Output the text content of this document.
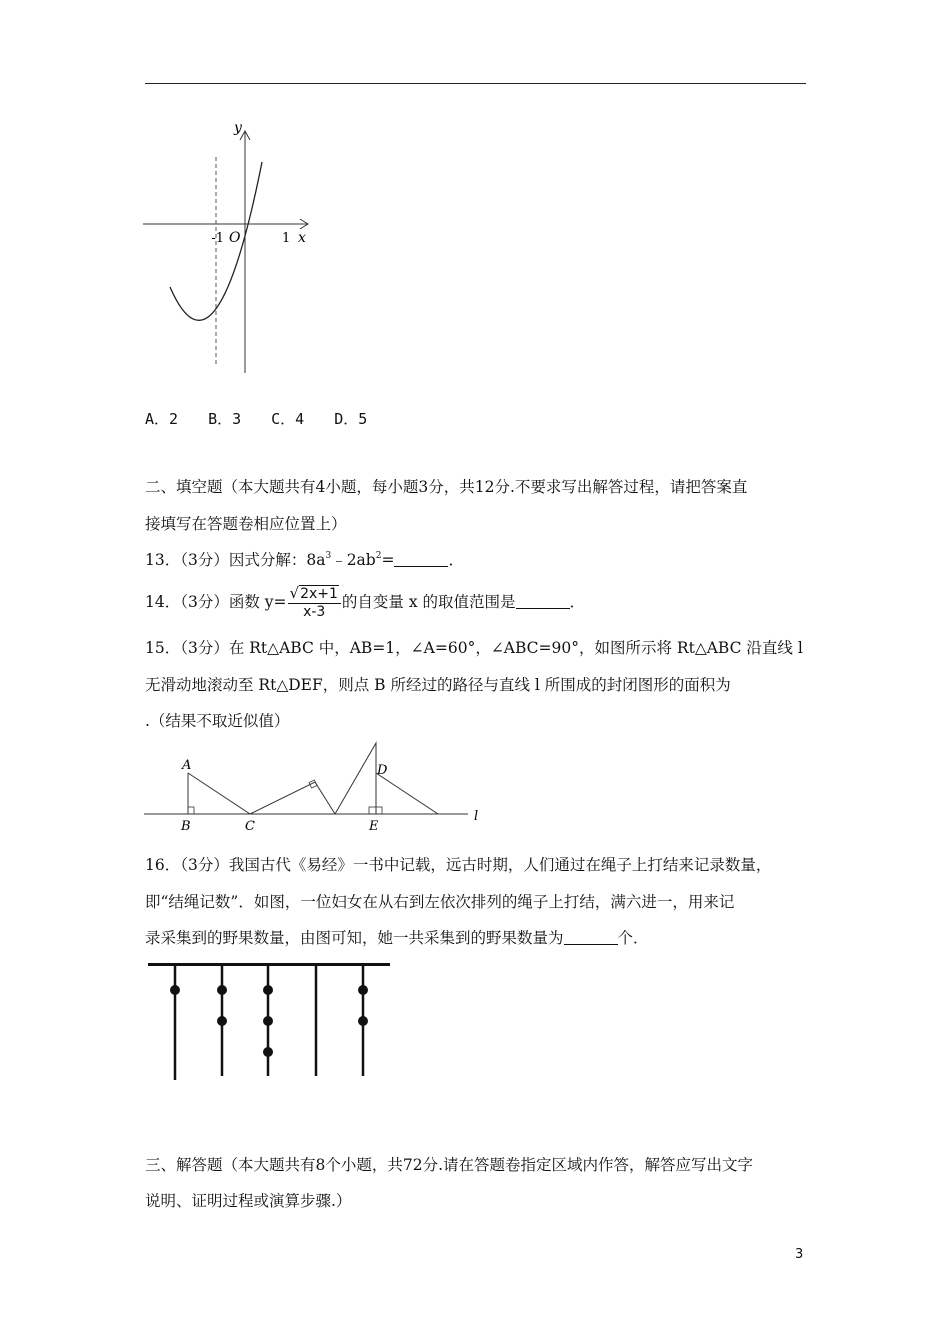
y
x
O
-1	1
A．2 B．3 C．4 D．5
二、填空题（本大题共有4小题，每小题3分，共12分.不要求写出解答过程，请把答案直
接填写在答题卷相应位置上）
13．（3分）因式分解：$8a^3﹣2ab^2=$	．
14．（3分）函数 $y= \frac{√2x+1}{x-3}$ 的自变量 x 的取值范围是	．
15．（3分）在 Rt△ABC 中，AB=1，∠A=60°，∠ABC=90°，如图所示将 Rt△ABC 沿直线 l
无滑动地滚动至 Rt△DEF，则点 B 所经过的路径与直线 l 所围成的封闭图形的面积为
.（结果不取近似值）
A
B	C
D
E
l
16．（3分）我国古代《易经》一书中记载，远古时期，人们通过在绳子上打结来记录数量，
即“结绳记数”．如图，一位妇女在从右到左依次排列的绳子上打结，满六进一，用来记
录采集到的野果数量，由图可知，她一共采集到的野果数量为	个．
三、解答题（本大题共有8个小题，共72分.请在答题卷指定区域内作答，解答应写出文字
说明、证明过程或演算步骤.）
3
